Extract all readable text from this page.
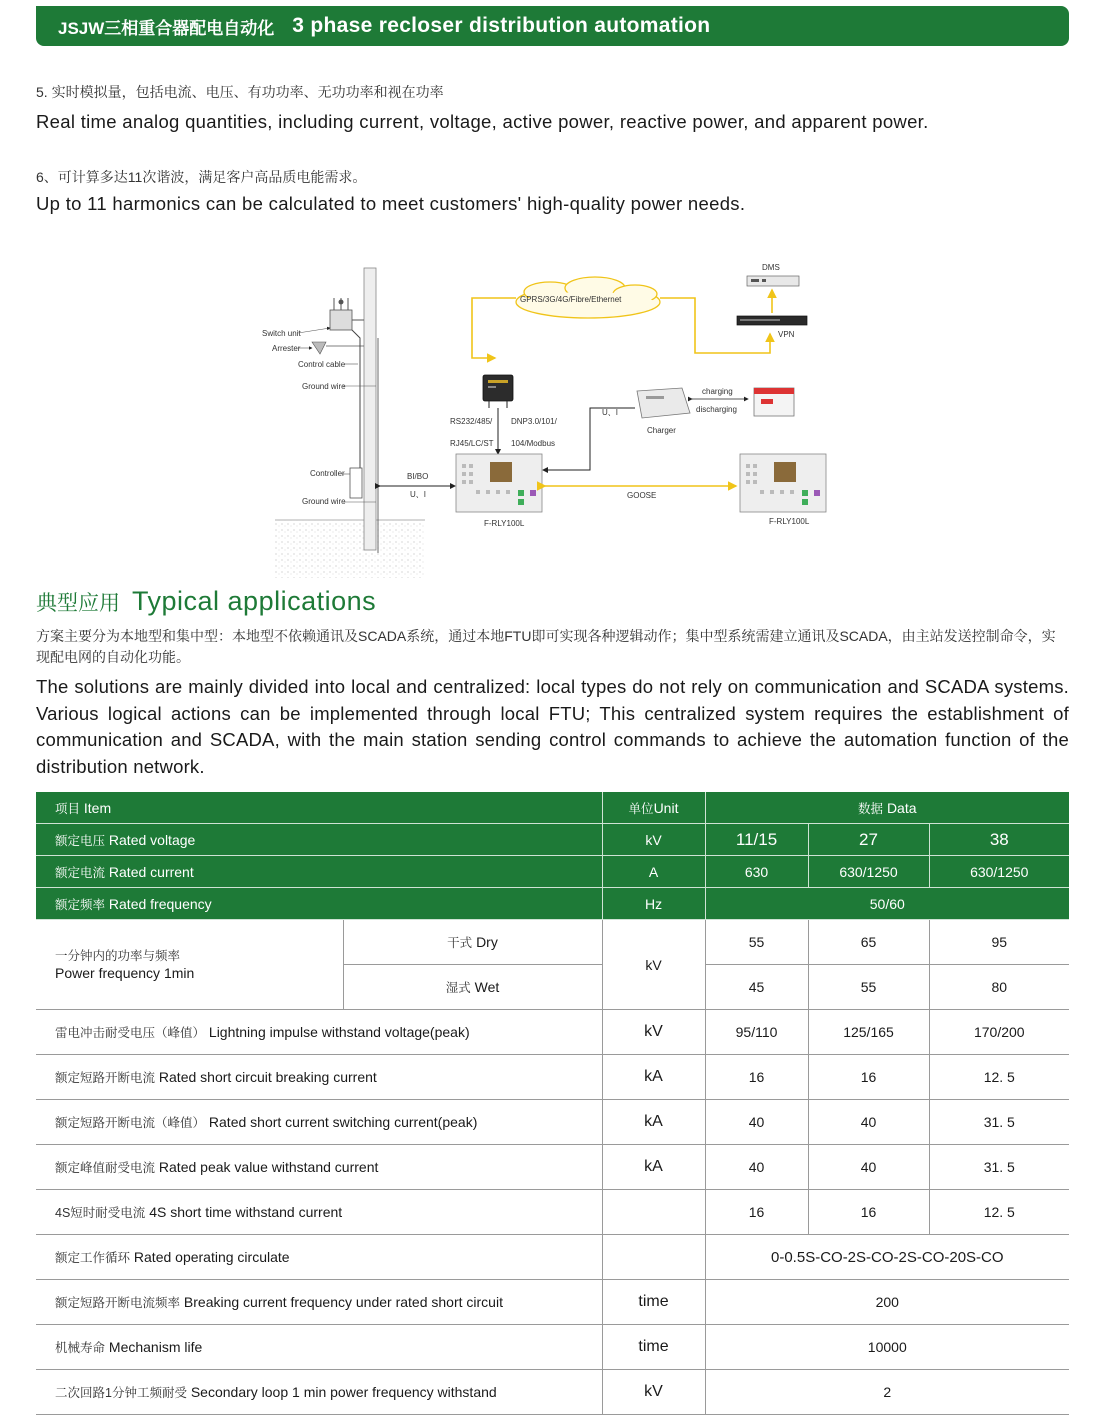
JSJW三相重合器配电自动化 3 phase recloser distribution automation
5. 实时模拟量，包括电流、电压、有功功率、无功功率和视在功率
Real time analog quantities, including current, voltage, active power, reactive power, and apparent power.
6、可计算多达11次谐波，满足客户高品质电能需求。
Up to 11 harmonics can be calculated to meet customers' high-quality power needs.
Switch unit
Arrester
Control cable
Ground wire
Controller
Ground wire
BI/BO
U、I
GPRS/3G/4G/Fibre/Ethernet
DMS
VPN
RS232/485/
RJ45/LC/ST
DNP3.0/101/
104/Modbus
U、I
Charger
charging
discharging
F-RLY100L
GOOSE
F-RLY100L
典型应用 Typical applications
方案主要分为本地型和集中型：本地型不依赖通讯及SCADA系统，通过本地FTU即可实现各种逻辑动作；集中型系统需建立通讯及SCADA，由主站发送控制命令，实现配电网的自动化功能。
The solutions are mainly divided into local and centralized: local types do not rely on communication and SCADA systems. Various logical actions can be implemented through local FTU; This centralized system requires the establishment of communication and SCADA, with the main station sending control commands to achieve the automation function of the distribution network.
项目 Item		单位Unit	数据 Data		
额定电压 Rated voltage		kV	11/15	27	38
额定电流 Rated current		A	630	630/1250	630/1250
额定频率 Rated frequency		Hz	50/60		
一分钟内的功率与频率
Power frequency 1min	干式 Dry	kV	55	65	95
	湿式 Wet		45	55	80
雷电冲击耐受电压（峰值） Lightning impulse withstand voltage(peak)		kV	95/110	125/165	170/200
额定短路开断电流 Rated short circuit breaking current		kA	16	16	12. 5
额定短路开断电流（峰值） Rated short current switching current(peak)		kA	40	40	31. 5
额定峰值耐受电流 Rated peak value withstand current		kA	40	40	31. 5
4S短时耐受电流 4S short time withstand current			16	16	12. 5
额定工作循环 Rated operating circulate			0-0.5S-CO-2S-CO-2S-CO-20S-CO		
额定短路开断电流频率 Breaking current frequency under rated short circuit		time	200		
机械寿命 Mechanism life		time	10000		
二次回路1分钟工频耐受 Secondary loop 1 min power frequency withstand		kV	2		
